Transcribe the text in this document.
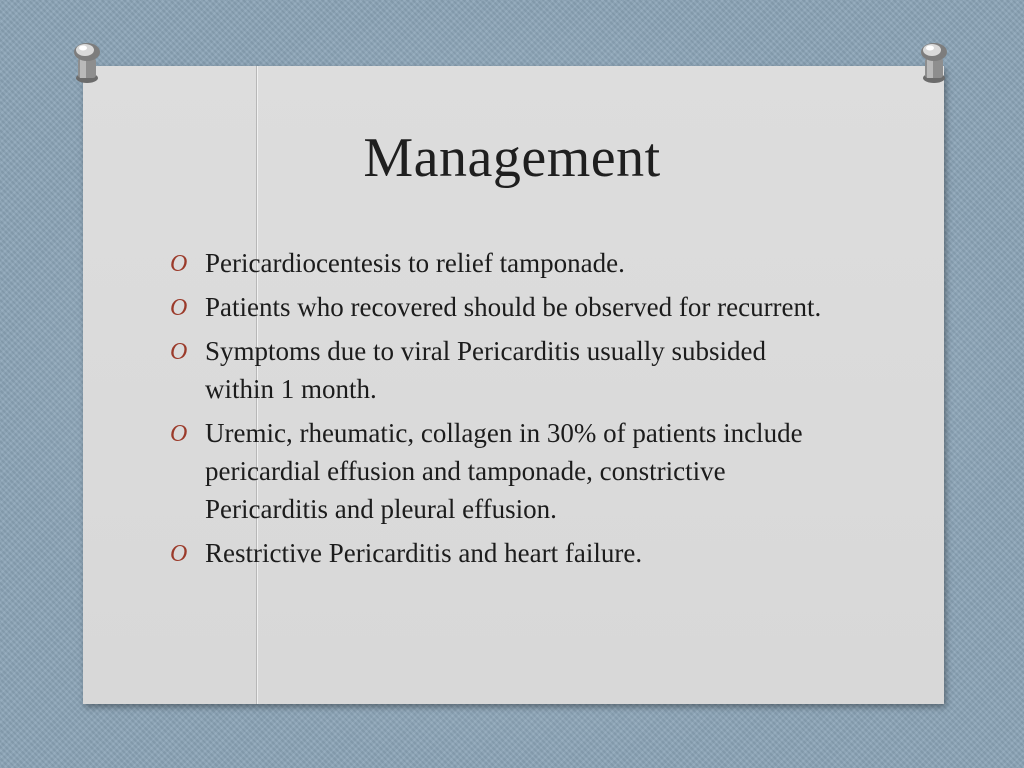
Management
O Pericardiocentesis to relief tamponade.
O Patients who recovered should be observed for recurrent.
O Symptoms due to viral Pericarditis usually subsided within 1 month.
O Uremic, rheumatic, collagen in 30% of patients include pericardial effusion and tamponade, constrictive Pericarditis and pleural effusion.
O Restrictive Pericarditis and heart failure.
